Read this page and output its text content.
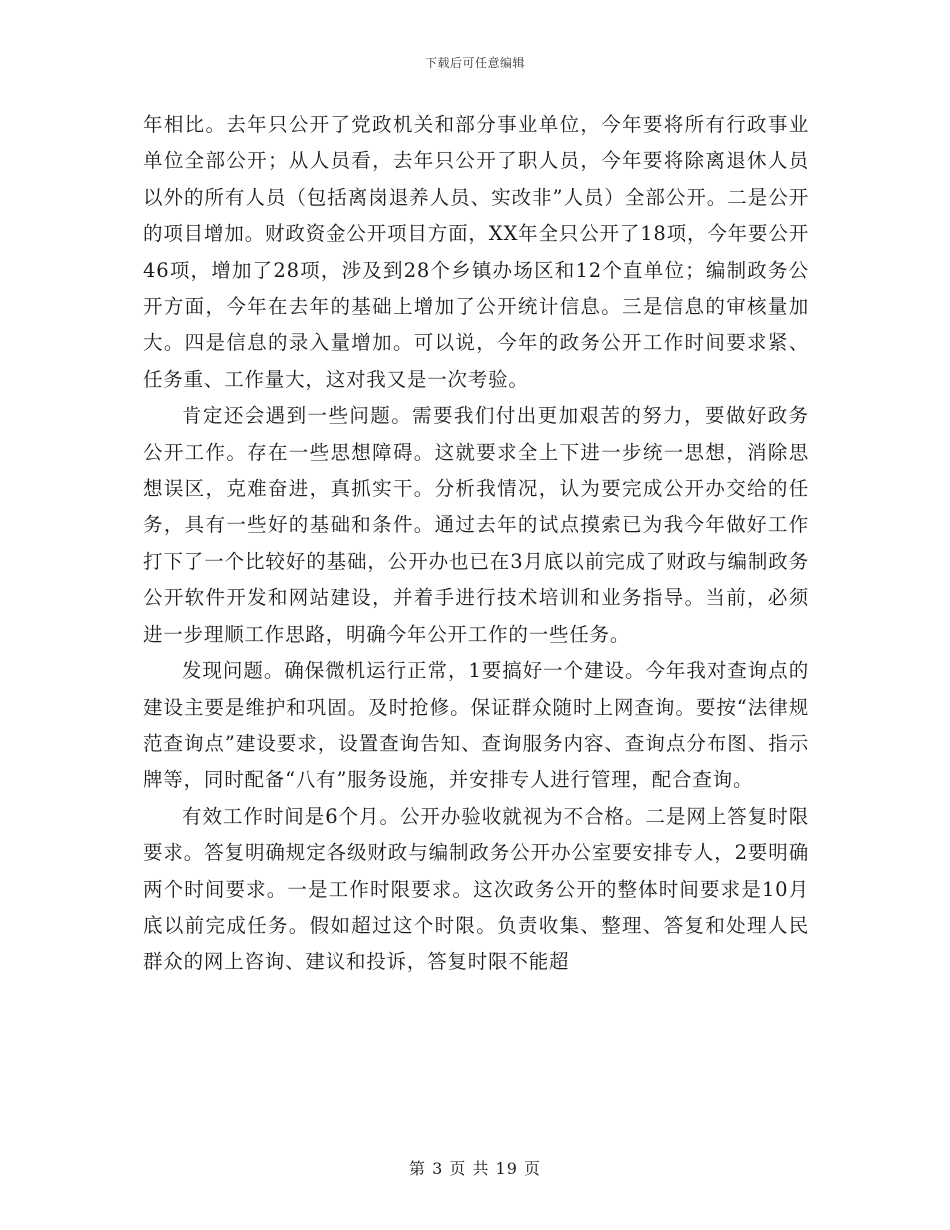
下载后可任意编辑

年相比。去年只公开了党政机关和部分事业单位，今年要将所有行政事业单位全部公开；从人员看，去年只公开了职人员，今年要将除离退休人员以外的所有人员（包括离岗退养人员、实改非”人员）全部公开。二是公开的项目增加。财政资金公开项目方面，XX年全只公开了18项，今年要公开46项，增加了28项，涉及到28个乡镇办场区和12个直单位；编制政务公开方面，今年在去年的基础上增加了公开统计信息。三是信息的审核量加大。四是信息的录入量增加。可以说，今年的政务公开工作时间要求紧、任务重、工作量大，这对我又是一次考验。

肯定还会遇到一些问题。需要我们付出更加艰苦的努力，要做好政务公开工作。存在一些思想障碍。这就要求全上下进一步统一思想，消除思想误区，克难奋进，真抓实干。分析我情况，认为要完成公开办交给的任务，具有一些好的基础和条件。通过去年的试点摸索已为我今年做好工作打下了一个比较好的基础，公开办也已在3月底以前完成了财政与编制政务公开软件开发和网站建设，并着手进行技术培训和业务指导。当前，必须进一步理顺工作思路，明确今年公开工作的一些任务。

发现问题。确保微机运行正常，1要搞好一个建设。今年我对查询点的建设主要是维护和巩固。及时抢修。保证群众随时上网查询。要按“法律规范查询点”建设要求，设置查询告知、查询服务内容、查询点分布图、指示牌等，同时配备“八有”服务设施，并安排专人进行管理，配合查询。

有效工作时间是6个月。公开办验收就视为不合格。二是网上答复时限要求。答复明确规定各级财政与编制政务公开办公室要安排专人，2要明确两个时间要求。一是工作时限要求。这次政务公开的整体时间要求是10月底以前完成任务。假如超过这个时限。负责收集、整理、答复和处理人民群众的网上咨询、建议和投诉，答复时限不能超

第 3 页 共 19 页
